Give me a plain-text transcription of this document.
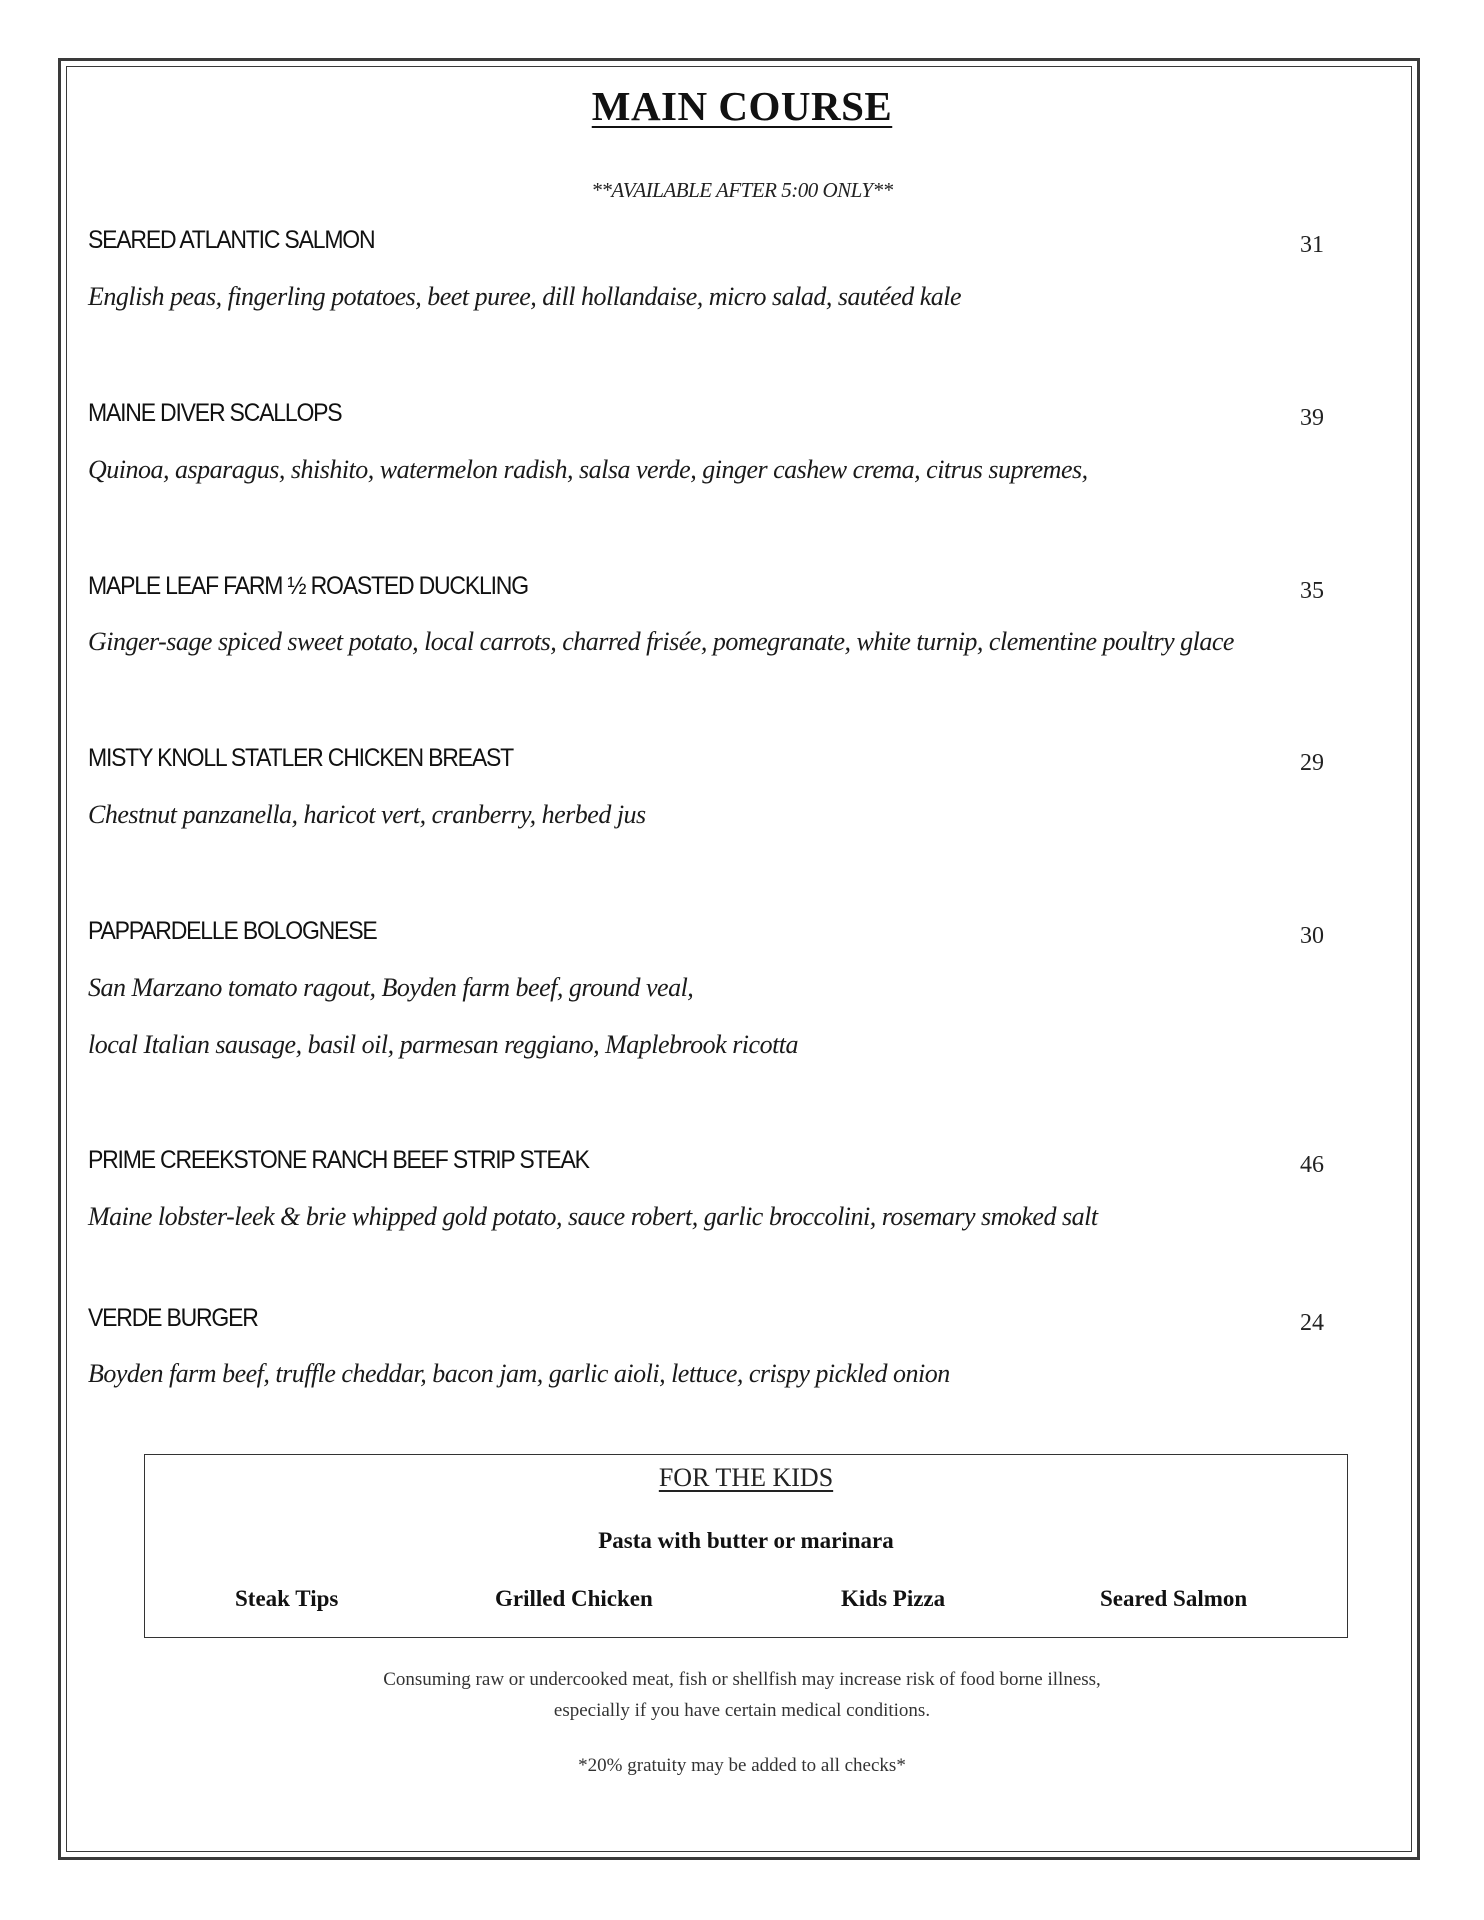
MAIN COURSE
**AVAILABLE AFTER 5:00 ONLY**
SEARED ATLANTIC SALMON	31
English peas, fingerling potatoes, beet puree, dill hollandaise, micro salad, sautéed kale
MAINE DIVER SCALLOPS	39
Quinoa, asparagus, shishito, watermelon radish, salsa verde, ginger cashew crema, citrus supremes,
MAPLE LEAF FARM ½ ROASTED DUCKLING	35
Ginger-sage spiced sweet potato, local carrots, charred frisée, pomegranate, white turnip, clementine poultry glace
MISTY KNOLL STATLER CHICKEN BREAST	29
Chestnut panzanella, haricot vert, cranberry, herbed jus
PAPPARDELLE BOLOGNESE	30
San Marzano tomato ragout, Boyden farm beef, ground veal,
local Italian sausage, basil oil, parmesan reggiano, Maplebrook ricotta
PRIME CREEKSTONE RANCH BEEF STRIP STEAK	46
Maine lobster-leek & brie whipped gold potato, sauce robert, garlic broccolini, rosemary smoked salt
VERDE BURGER	24
Boyden farm beef, truffle cheddar, bacon jam, garlic aioli, lettuce, crispy pickled onion
FOR THE KIDS
Pasta with butter or marinara
Steak Tips	Grilled Chicken	Kids Pizza	Seared Salmon
Consuming raw or undercooked meat, fish or shellfish may increase risk of food borne illness,
especially if you have certain medical conditions.
*20% gratuity may be added to all checks*
